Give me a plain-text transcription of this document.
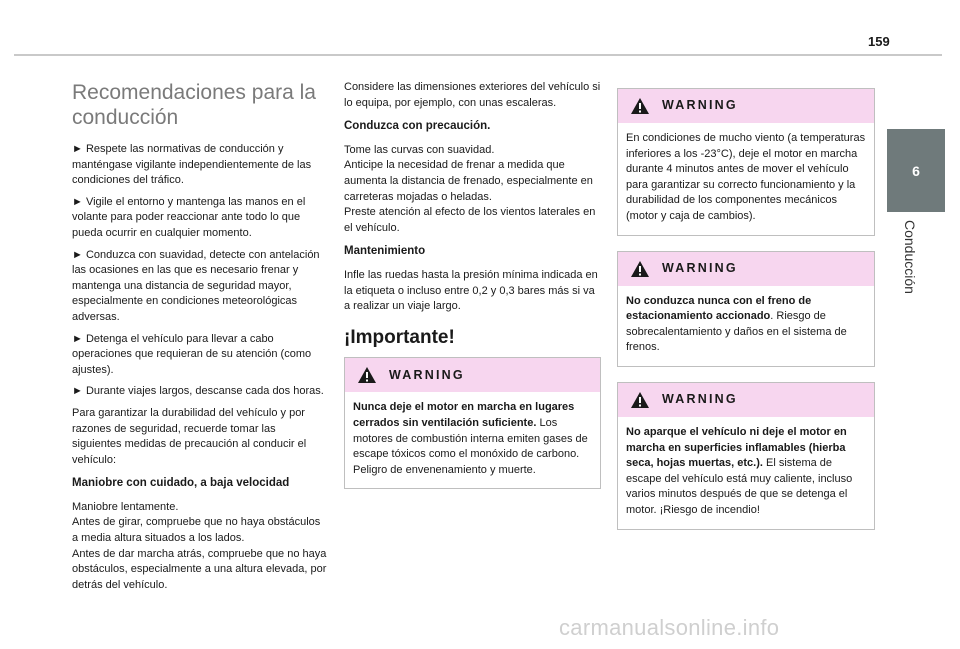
159
6
Conducción
Recomendaciones para la conducción

► Respete las normativas de conducción y manténgase vigilante independientemente de las condiciones del tráfico.

► Vigile el entorno y mantenga las manos en el volante para poder reaccionar ante todo lo que pueda ocurrir en cualquier momento.

► Conduzca con suavidad, detecte con antelación las ocasiones en las que es necesario frenar y mantenga una distancia de seguridad mayor, especialmente en condiciones meteorológicas adversas.

► Detenga el vehículo para llevar a cabo operaciones que requieran de su atención (como ajustes).

► Durante viajes largos, descanse cada dos horas.

Para garantizar la durabilidad del vehículo y por razones de seguridad, recuerde tomar las siguientes medidas de precaución al conducir el vehículo:

Maniobre con cuidado, a baja velocidad

Maniobre lentamente.

Antes de girar, compruebe que no haya obstáculos a media altura situados a los lados.

Antes de dar marcha atrás, compruebe que no haya obstáculos, especialmente a una altura elevada, por detrás del vehículo.

Considere las dimensiones exteriores del vehículo si lo equipa, por ejemplo, con unas escaleras.

Conduzca con precaución.

Tome las curvas con suavidad.

Anticipe la necesidad de frenar a medida que aumenta la distancia de frenado, especialmente en carreteras mojadas o heladas.

Preste atención al efecto de los vientos laterales en el vehículo.

Mantenimiento

Infle las ruedas hasta la presión mínima indicada en la etiqueta o incluso entre 0,2 y 0,3 bares más si va a realizar un viaje largo.

¡Importante!
WARNING

Nunca deje el motor en marcha en lugares cerrados sin ventilación suficiente. Los motores de combustión interna emiten gases de escape tóxicos como el monóxido de carbono. Peligro de envenenamiento y muerte.

WARNING

En condiciones de mucho viento (a temperaturas inferiores a los -23°C), deje el motor en marcha durante 4 minutos antes de mover el vehículo para garantizar su correcto funcionamiento y la durabilidad de los componentes mecánicos (motor y caja de cambios).

WARNING

No conduzca nunca con el freno de estacionamiento accionado. Riesgo de sobrecalentamiento y daños en el sistema de frenos.

WARNING

No aparque el vehículo ni deje el motor en marcha en superficies inflamables (hierba seca, hojas muertas, etc.). El sistema de escape del vehículo está muy caliente, incluso varios minutos después de que se detenga el motor. ¡Riesgo de incendio!

carmanualsonline.info
